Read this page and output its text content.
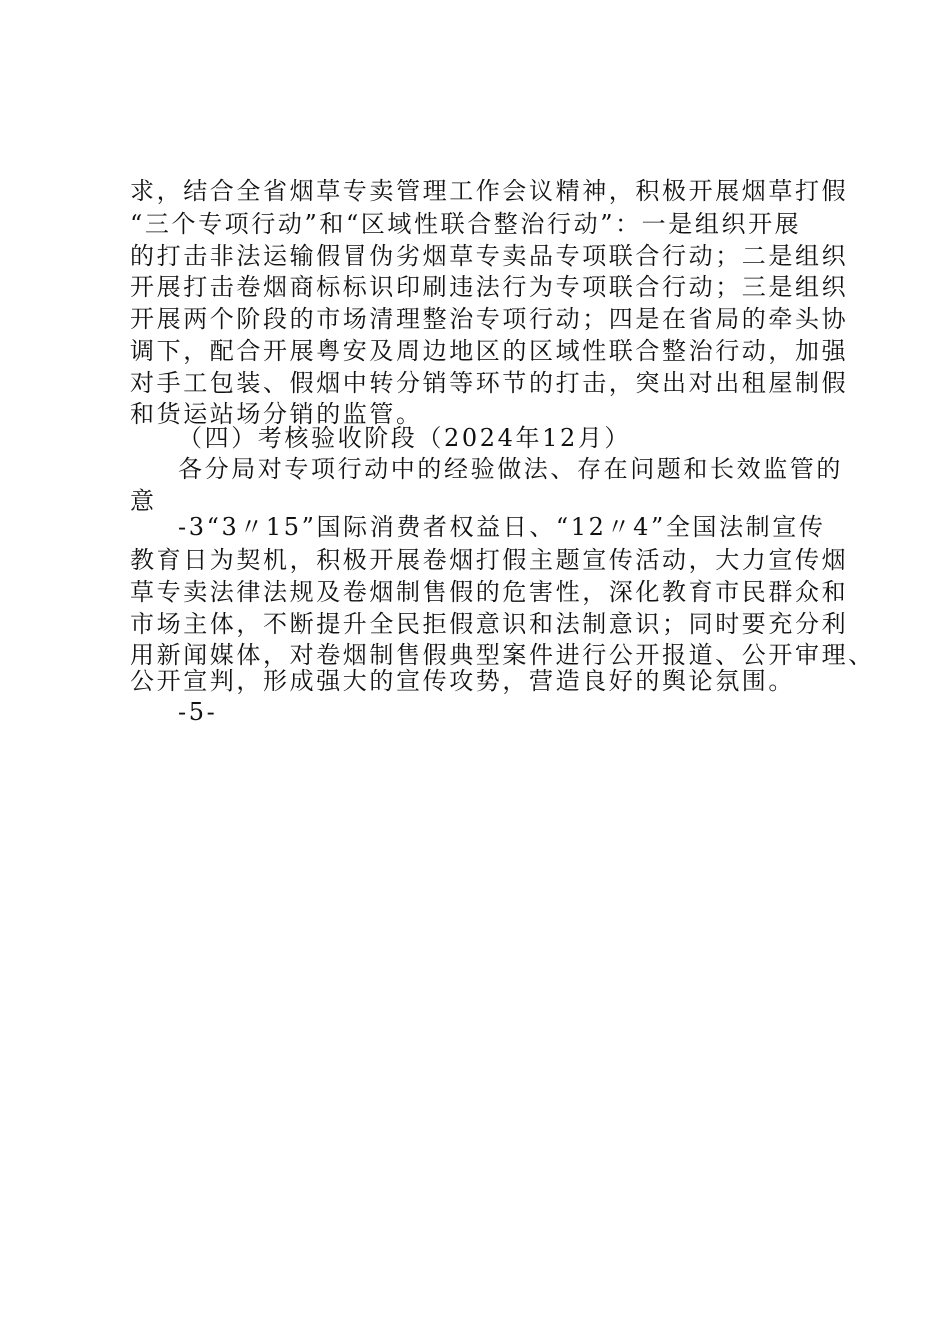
求，结合全省烟草专卖管理工作会议精神，积极开展烟草打假
“三个专项行动”和“区域性联合整治行动”：一是组织开展
的打击非法运输假冒伪劣烟草专卖品专项联合行动；二是组织
开展打击卷烟商标标识印刷违法行为专项联合行动；三是组织
开展两个阶段的市场清理整治专项行动；四是在省局的牵头协
调下，配合开展粤安及周边地区的区域性联合整治行动，加强
对手工包装、假烟中转分销等环节的打击，突出对出租屋制假
和货运站场分销的监管。
（四）考核验收阶段（2024年12月）
各分局对专项行动中的经验做法、存在问题和长效监管的
意
-3“3〃15”国际消费者权益日、“12〃4”全国法制宣传
教育日为契机，积极开展卷烟打假主题宣传活动，大力宣传烟
草专卖法律法规及卷烟制售假的危害性，深化教育市民群众和
市场主体，不断提升全民拒假意识和法制意识；同时要充分利
用新闻媒体，对卷烟制售假典型案件进行公开报道、公开审理、
公开宣判，形成强大的宣传攻势，营造良好的舆论氛围。
-5-
